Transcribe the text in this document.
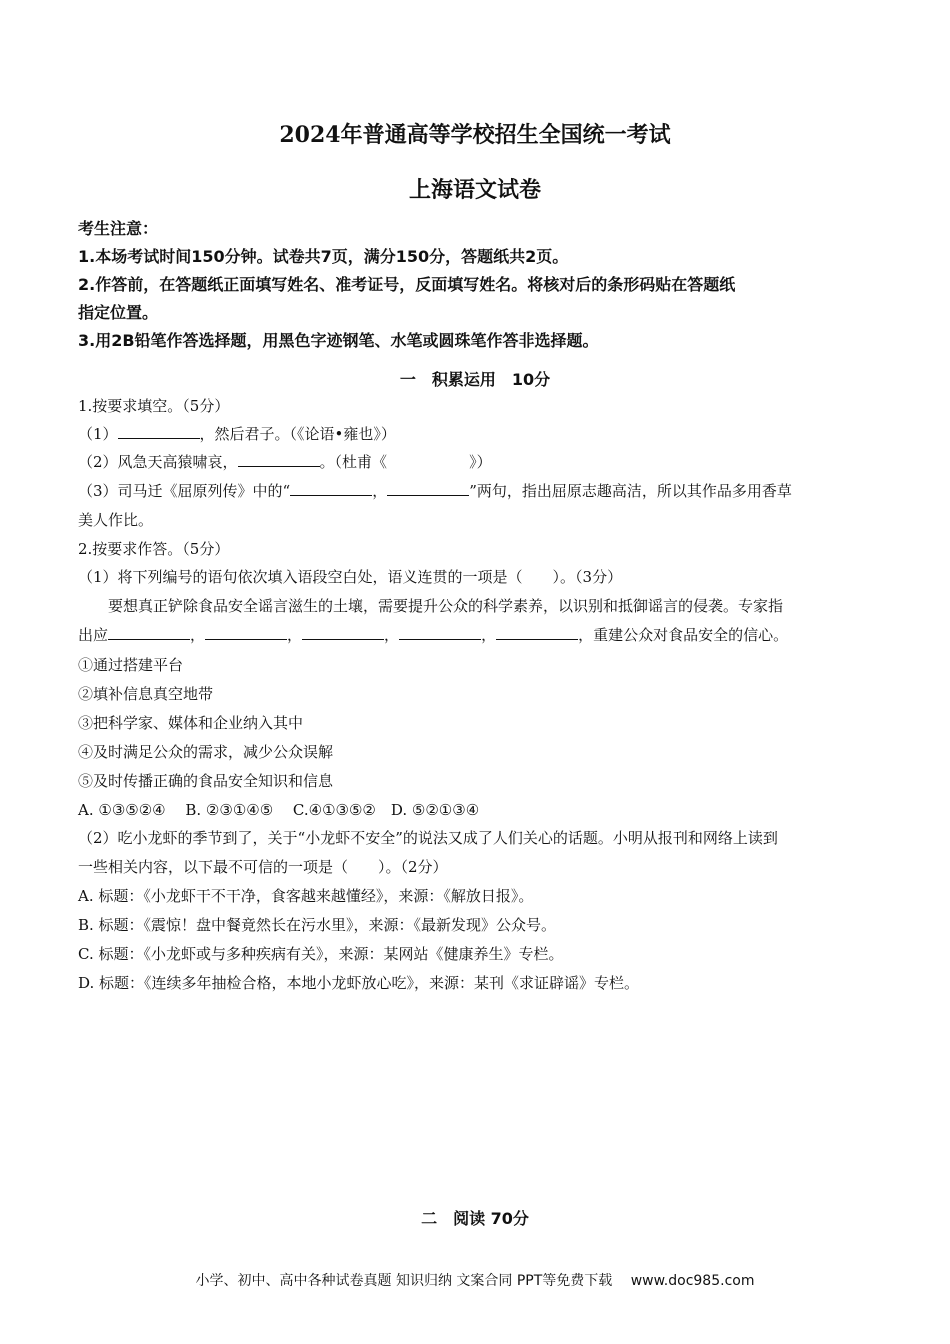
2024年普通高等学校招生全国统一考试
上海语文试卷
考生注意：
1.本场考试时间150分钟。试卷共7页，满分150分，答题纸共2页。
2.作答前，在答题纸正面填写姓名、准考证号，反面填写姓名。将核对后的条形码贴在答题纸
指定位置。
3.用2B铅笔作答选择题，用黑色字迹钢笔、水笔或圆珠笔作答非选择题。
一　积累运用　10分
1.按要求填空。（5分）
（1）	，然后君子。（《论语•雍也》）
（2）风急天高猿啸哀，	。（杜甫《	》）
（3）司马迁《屈原列传》中的“	，	”两句，指出屈原志趣高洁，所以其作品多用香草
美人作比。
2.按要求作答。（5分）
（1）将下列编号的语句依次填入语段空白处，语义连贯的一项是（　　）。（3分）
要想真正铲除食品安全谣言滋生的土壤，需要提升公众的科学素养，以识别和抵御谣言的侵袭。专家指
出应	，	，	，	，	，重建公众对食品安全的信心。
①通过搭建平台
②填补信息真空地带
③把科学家、媒体和企业纳入其中
④及时满足公众的需求，减少公众误解
⑤及时传播正确的食品安全知识和信息
A. ①③⑤②④　 B. ②③①④⑤　 C.④①③⑤②　D. ⑤②①③④
（2）吃小龙虾的季节到了，关于“小龙虾不安全”的说法又成了人们关心的话题。小明从报刊和网络上读到
一些相关内容，以下最不可信的一项是（　　）。（2分）
A. 标题：《小龙虾干不干净，食客越来越懂经》，来源：《解放日报》。
B. 标题：《震惊！盘中餐竟然长在污水里》，来源：《最新发现》公众号。
C. 标题：《小龙虾或与多种疾病有关》，来源：某网站《健康养生》专栏。
D. 标题：《连续多年抽检合格，本地小龙虾放心吃》，来源：某刊《求证辟谣》专栏。
二　阅读 70分
小学、初中、高中各种试卷真题 知识归纳 文案合同 PPT等免费下载　 www.doc985.com
